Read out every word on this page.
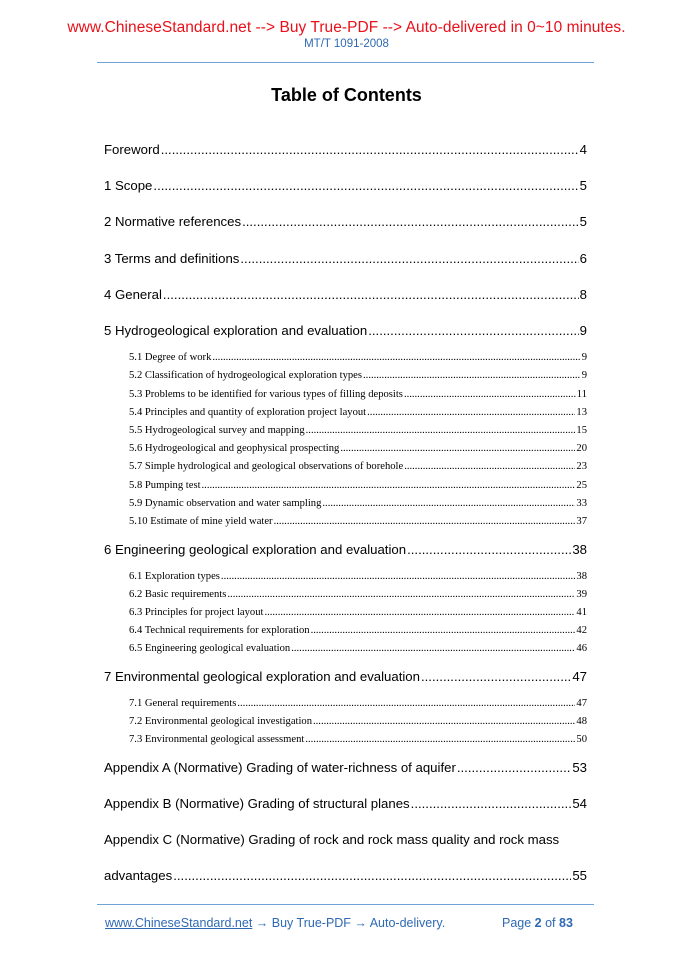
www.ChineseStandard.net --> Buy True-PDF --> Auto-delivered in 0~10 minutes.
MT/T 1091-2008
Table of Contents
Foreword .....	4
1 Scope .....	5
2 Normative references .....	5
3 Terms and definitions .....	6
4 General .....	8
5 Hydrogeological exploration and evaluation .....	9
5.1 Degree of work .....	9
5.2 Classification of hydrogeological exploration types .....	9
5.3 Problems to be identified for various types of filling deposits .....	11
5.4 Principles and quantity of exploration project layout .....	13
5.5 Hydrogeological survey and mapping .....	15
5.6 Hydrogeological and geophysical prospecting .....	20
5.7 Simple hydrological and geological observations of borehole .....	23
5.8 Pumping test .....	25
5.9 Dynamic observation and water sampling .....	33
5.10 Estimate of mine yield water .....	37
6 Engineering geological exploration and evaluation .....	38
6.1 Exploration types .....	38
6.2 Basic requirements .....	39
6.3 Principles for project layout .....	41
6.4 Technical requirements for exploration .....	42
6.5 Engineering geological evaluation .....	46
7 Environmental geological exploration and evaluation .....	47
7.1 General requirements .....	47
7.2 Environmental geological investigation .....	48
7.3 Environmental geological assessment .....	50
Appendix A (Normative) Grading of water-richness of aquifer .....	53
Appendix B (Normative) Grading of structural planes .....	54
Appendix C (Normative) Grading of rock and rock mass quality and rock mass
advantages .....	55
www.ChineseStandard.net → Buy True-PDF → Auto-delivery.	Page 2 of 83
